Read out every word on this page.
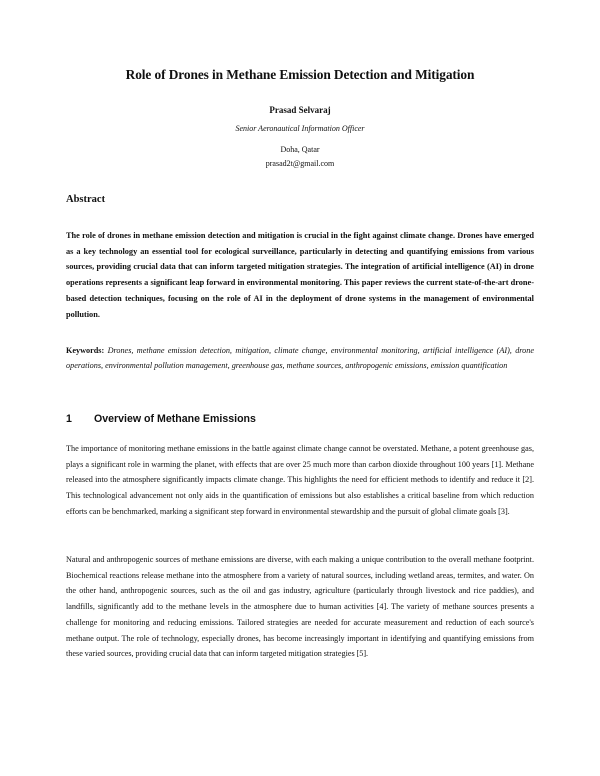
Role of Drones in Methane Emission Detection and Mitigation
Prasad Selvaraj
Senior Aeronautical Information Officer
Doha, Qatar
prasad2t@gmail.com
Abstract
The role of drones in methane emission detection and mitigation is crucial in the fight against climate change. Drones have emerged as a key technology an essential tool for ecological surveillance, particularly in detecting and quantifying emissions from various sources, providing crucial data that can inform targeted mitigation strategies. The integration of artificial intelligence (AI) in drone operations represents a significant leap forward in environmental monitoring. This paper reviews the current state-of-the-art drone-based detection techniques, focusing on the role of AI in the deployment of drone systems in the management of environmental pollution.
Keywords: Drones, methane emission detection, mitigation, climate change, environmental monitoring, artificial intelligence (AI), drone operations, environmental pollution management, greenhouse gas, methane sources, anthropogenic emissions, emission quantification
1 Overview of Methane Emissions
The importance of monitoring methane emissions in the battle against climate change cannot be overstated. Methane, a potent greenhouse gas, plays a significant role in warming the planet, with effects that are over 25 much more than carbon dioxide throughout 100 years [1]. Methane released into the atmosphere significantly impacts climate change. This highlights the need for efficient methods to identify and reduce it [2]. This technological advancement not only aids in the quantification of emissions but also establishes a critical baseline from which reduction efforts can be benchmarked, marking a significant step forward in environmental stewardship and the pursuit of global climate goals [3].
Natural and anthropogenic sources of methane emissions are diverse, with each making a unique contribution to the overall methane footprint. Biochemical reactions release methane into the atmosphere from a variety of natural sources, including wetland areas, termites, and water. On the other hand, anthropogenic sources, such as the oil and gas industry, agriculture (particularly through livestock and rice paddies), and landfills, significantly add to the methane levels in the atmosphere due to human activities [4]. The variety of methane sources presents a challenge for monitoring and reducing emissions. Tailored strategies are needed for accurate measurement and reduction of each source's methane output. The role of technology, especially drones, has become increasingly important in identifying and quantifying emissions from these varied sources, providing crucial data that can inform targeted mitigation strategies [5].
